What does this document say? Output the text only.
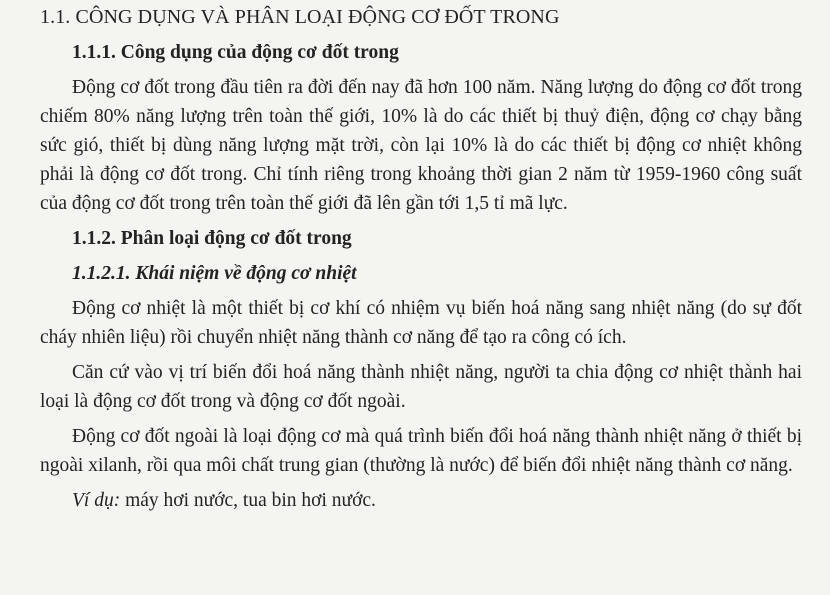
1.1. CÔNG DỤNG VÀ PHÂN LOẠI ĐỘNG CƠ ĐỐT TRONG
1.1.1. Công dụng của động cơ đốt trong

Động cơ đốt trong đầu tiên ra đời đến nay đã hơn 100 năm. Năng lượng do động cơ đốt trong chiếm 80% năng lượng trên toàn thế giới, 10% là do các thiết bị thuỷ điện, động cơ chạy bằng sức gió, thiết bị dùng năng lượng mặt trời, còn lại 10% là do các thiết bị động cơ nhiệt không phải là động cơ đốt trong. Chỉ tính riêng trong khoảng thời gian 2 năm từ 1959-1960 công suất của động cơ đốt trong trên toàn thế giới đã lên gần tới 1,5 tỉ mã lực.

1.1.2. Phân loại động cơ đốt trong
1.1.2.1. Khái niệm về động cơ nhiệt

Động cơ nhiệt là một thiết bị cơ khí có nhiệm vụ biến hoá năng sang nhiệt năng (do sự đốt cháy nhiên liệu) rồi chuyển nhiệt năng thành cơ năng để tạo ra công có ích.

Căn cứ vào vị trí biến đổi hoá năng thành nhiệt năng, người ta chia động cơ nhiệt thành hai loại là động cơ đốt trong và động cơ đốt ngoài.

Động cơ đốt ngoài là loại động cơ mà quá trình biến đổi hoá năng thành nhiệt năng ở thiết bị ngoài xilanh, rồi qua môi chất trung gian (thường là nước) để biến đổi nhiệt năng thành cơ năng.

Ví dụ: máy hơi nước, tua bin hơi nước.
